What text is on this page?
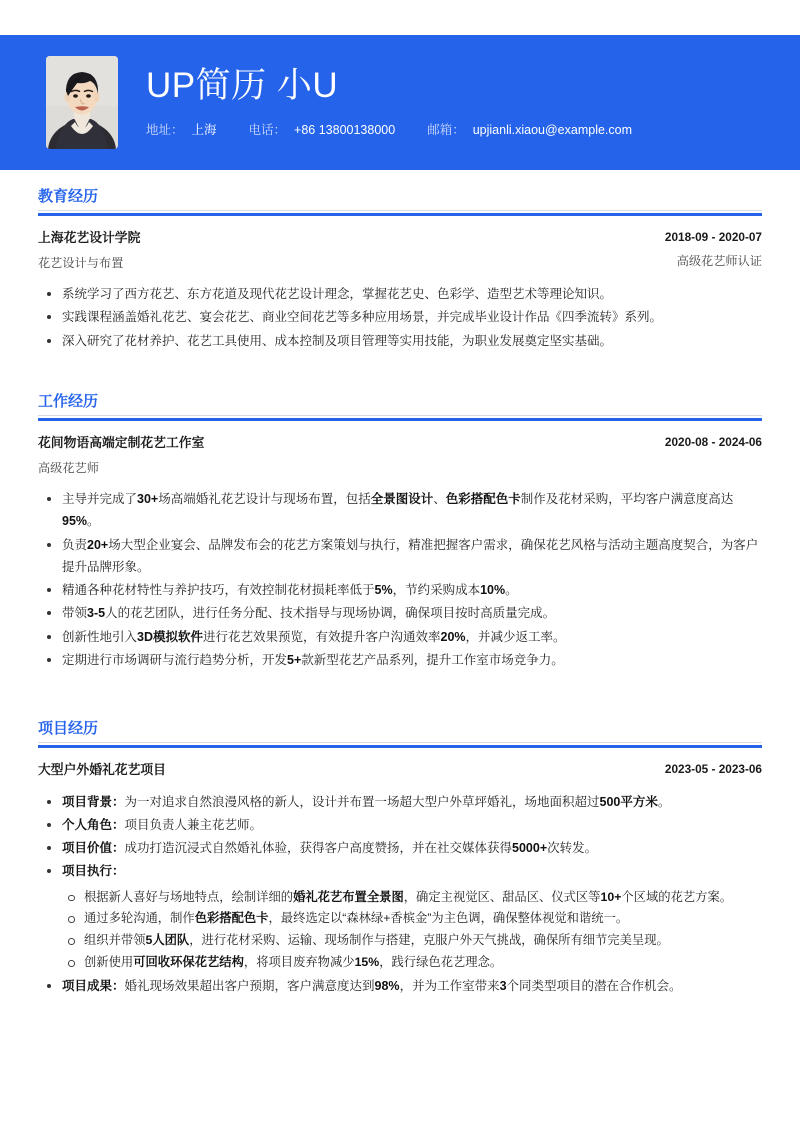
UP简历 小U
地址： 上海	电话： +86 13800138000	邮箱： upjianli.xiaou@example.com
教育经历
上海花艺设计学院
花艺设计与布置
2018-09 - 2020-07
高级花艺师认证
系统学习了西方花艺、东方花道及现代花艺设计理念，掌握花艺史、色彩学、造型艺术等理论知识。
实践课程涵盖婚礼花艺、宴会花艺、商业空间花艺等多种应用场景，并完成毕业设计作品《四季流转》系列。
深入研究了花材养护、花艺工具使用、成本控制及项目管理等实用技能，为职业发展奠定坚实基础。
工作经历
花间物语高端定制花艺工作室
高级花艺师
2020-08 - 2024-06
主导并完成了30+场高端婚礼花艺设计与现场布置，包括全景图设计、色彩搭配色卡制作及花材采购，平均客户满意度高达95%。
负责20+场大型企业宴会、品牌发布会的花艺方案策划与执行，精准把握客户需求，确保花艺风格与活动主题高度契合，为客户提升品牌形象。
精通各种花材特性与养护技巧，有效控制花材损耗率低于5%，节约采购成本10%。
带领3-5人的花艺团队，进行任务分配、技术指导与现场协调，确保项目按时高质量完成。
创新性地引入3D模拟软件进行花艺效果预览，有效提升客户沟通效率20%，并减少返工率。
定期进行市场调研与流行趋势分析，开发5+款新型花艺产品系列，提升工作室市场竞争力。
项目经历
大型户外婚礼花艺项目	2023-05 - 2023-06
项目背景：为一对追求自然浪漫风格的新人，设计并布置一场超大型户外草坪婚礼，场地面积超过500平方米。
个人角色：项目负责人兼主花艺师。
项目价值：成功打造沉浸式自然婚礼体验，获得客户高度赞扬，并在社交媒体获得5000+次转发。
项目执行：
根据新人喜好与场地特点，绘制详细的婚礼花艺布置全景图，确定主视觉区、甜品区、仪式区等10+个区域的花艺方案。
通过多轮沟通，制作色彩搭配色卡，最终选定以“森林绿+香槟金”为主色调，确保整体视觉和谐统一。
组织并带领5人团队，进行花材采购、运输、现场制作与搭建，克服户外天气挑战，确保所有细节完美呈现。
创新使用可回收环保花艺结构，将项目废弃物减少15%，践行绿色花艺理念。
项目成果：婚礼现场效果超出客户预期，客户满意度达到98%，并为工作室带来3个同类型项目的潜在合作机会。
